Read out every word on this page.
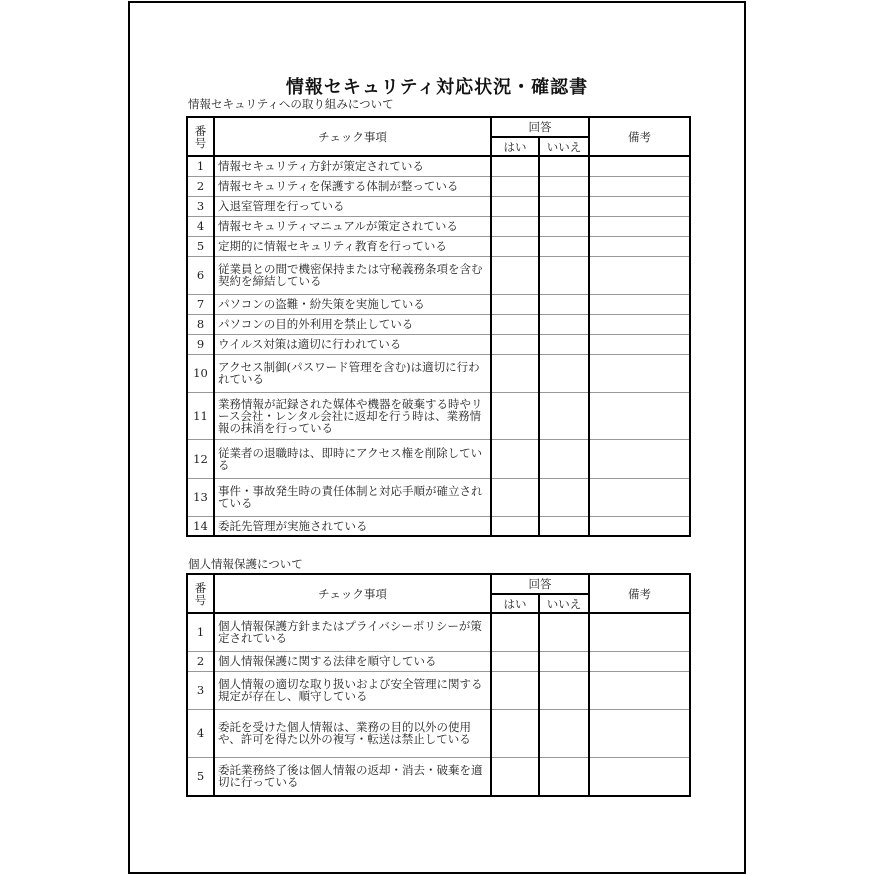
情報セキュリティ対応状況・確認書
情報セキュリティへの取り組みについて
番
号	チェック事項	回答		備考
		はい	いいえ	
1	情報セキュリティ方針が策定されている			
2	情報セキュリティを保護する体制が整っている			
3	入退室管理を行っている			
4	情報セキュリティマニュアルが策定されている			
5	定期的に情報セキュリティ教育を行っている			
6	従業員との間で機密保持または守秘義務条項を含む契約を締結している			
7	パソコンの盗難・紛失策を実施している			
8	パソコンの目的外利用を禁止している			
9	ウイルス対策は適切に行われている			
10	アクセス制御(パスワード管理を含む)は適切に行われている			
11	業務情報が記録された媒体や機器を破棄する時やリース会社・レンタル会社に返却を行う時は、業務情報の抹消を行っている			
12	従業者の退職時は、即時にアクセス権を削除している			
13	事件・事故発生時の責任体制と対応手順が確立されている			
14	委託先管理が実施されている			
個人情報保護について
番
号	チェック事項	回答		備考
		はい	いいえ	
1	個人情報保護方針またはプライバシーポリシーが策定されている			
2	個人情報保護に関する法律を順守している			
3	個人情報の適切な取り扱いおよび安全管理に関する規定が存在し、順守している			
4	委託を受けた個人情報は、業務の目的以外の使用や、許可を得た以外の複写・転送は禁止している			
5	委託業務終了後は個人情報の返却・消去・破棄を適切に行っている			
